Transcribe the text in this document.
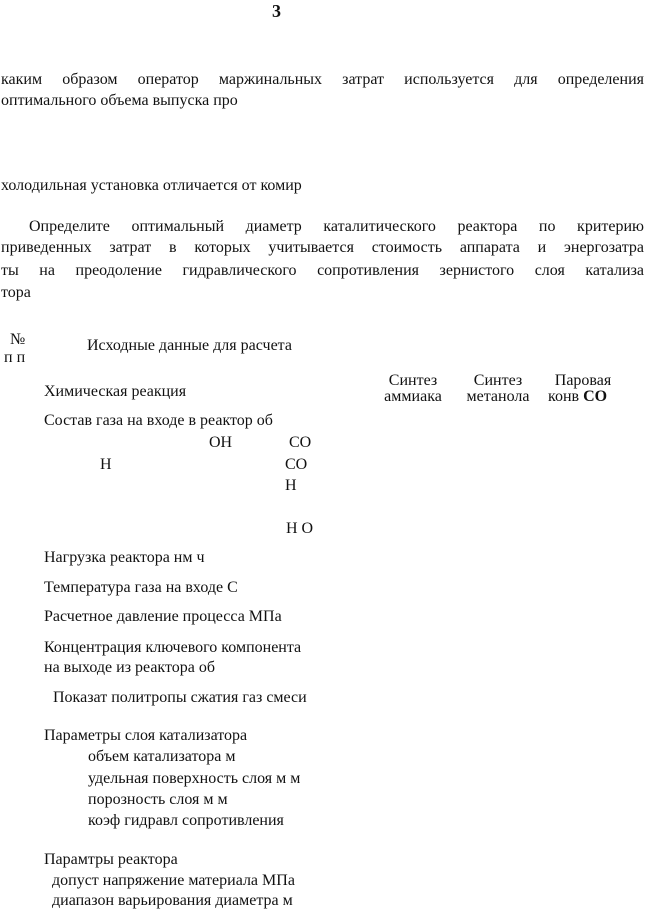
3
каким образом оператор маржинальных затрат используется для определения
оптимального объема выпуска про
холодильная установка отличается от комир
Определите оптимальный диаметр каталитического реактора по критерию
приведенных затрат в которых учитывается стоимость аппарата и энергозатра
ты на преодоление гидравлического сопротивления зернистого слоя катализа
тора
№
п п
Исходные данные для расчета
Синтез
аммиака
Синтез
метанола
Паровая
конв CO
Химическая реакция
Состав газа на входе в реактор об
OH	CO
Н	CO
H
Н O
Нагрузка реактора нм ч
Температура газа на входе С
Расчетное давление процесса МПа
Концентрация ключевого компонента
на выходе из реактора об
Показат политропы сжатия газ смеси
Параметры слоя катализатора
объем катализатора м
удельная поверхность слоя м м
порозность слоя м м
коэф гидравл сопротивления
Парамтры реактора
допуст напряжение материала МПа
диапазон варьирования диаметра м
